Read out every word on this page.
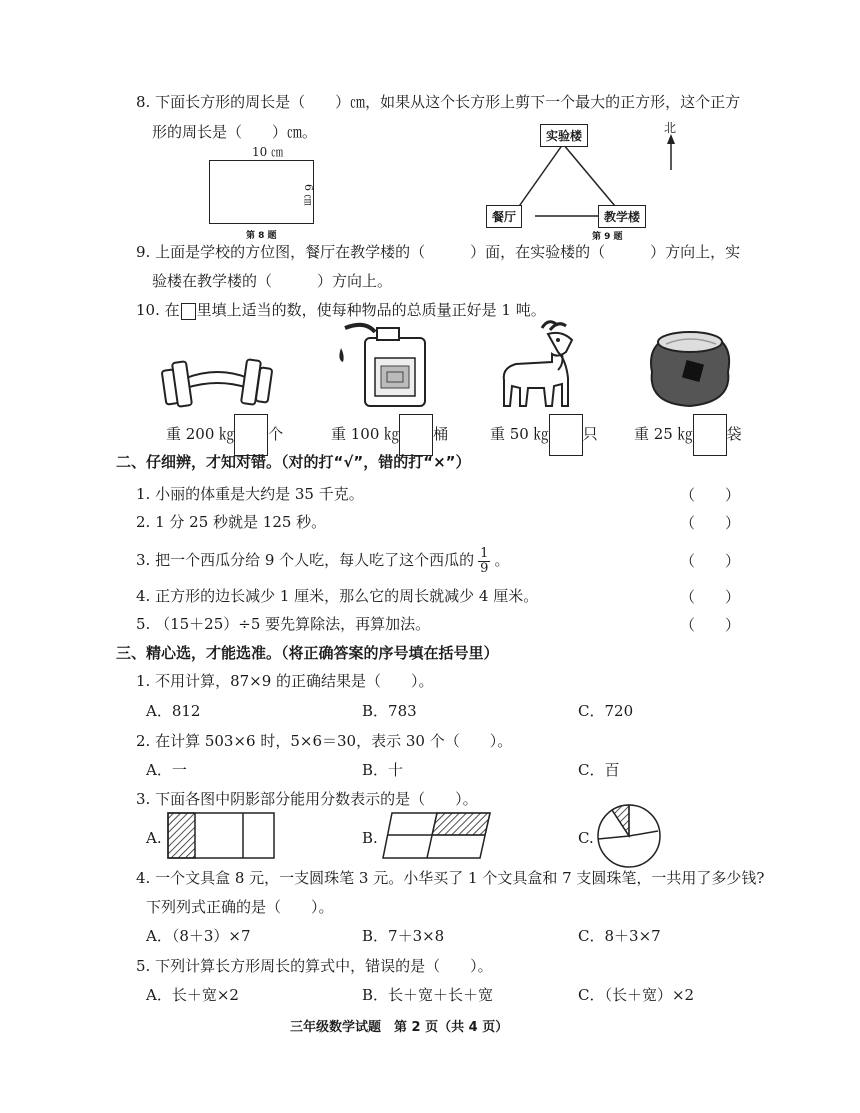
8. 下面长方形的周长是（　　）㎝，如果从这个长方形上剪下一个最大的正方形，这个正方
形的周长是（　　）㎝。
10 ㎝
6 ㎝
第 8 题
北
实验楼
餐厅	教学楼
第 9 题
9. 上面是学校的方位图，餐厅在教学楼的（　　　）面，在实验楼的（　　　）方向上，实
验楼在教学楼的（　　　）方向上。
10. 在 里填上适当的数，使每种物品的总质量正好是 1 吨。
重 200 ㎏ 个	重 100 ㎏ 桶	重 50 ㎏ 只 重 25 ㎏ 袋
二、仔细辨，才知对错。（对的打“√”，错的打“×”）
1. 小丽的体重是大约是 35 千克。	（　　）
2. 1 分 25 秒就是 125 秒。	（　　）
3. 把一个西瓜分给 9 个人吃，每人吃了这个西瓜的 $\frac{1}{9}$ 。	（　　）
4. 正方形的边长减少 1 厘米，那么它的周长就减少 4 厘米。	（　　）
5. （15＋25）÷5 要先算除法，再算加法。	（　　）
三、精心选，才能选准。（将正确答案的序号填在括号里）
1. 不用计算，87×9 的正确结果是（　　）。
A．812	B．783	C．720
2. 在计算 503×6 时，5×6＝30，表示 30 个（　　）。
A．一	B．十	C．百
3. 下面各图中阴影部分能用分数表示的是（　　）。
A.	B.	C.
4. 一个文具盒 8 元，一支圆珠笔 3 元。小华买了 1 个文具盒和 7 支圆珠笔，一共用了多少钱?
下列列式正确的是（　　）。
A．（8＋3）×7	B．7＋3×8	C．8＋3×7
5. 下列计算长方形周长的算式中，错误的是（　　）。
A．长＋宽×2	B．长＋宽＋长＋宽	C．（长＋宽）×2
三年级数学试题　第 2 页（共 4 页）
